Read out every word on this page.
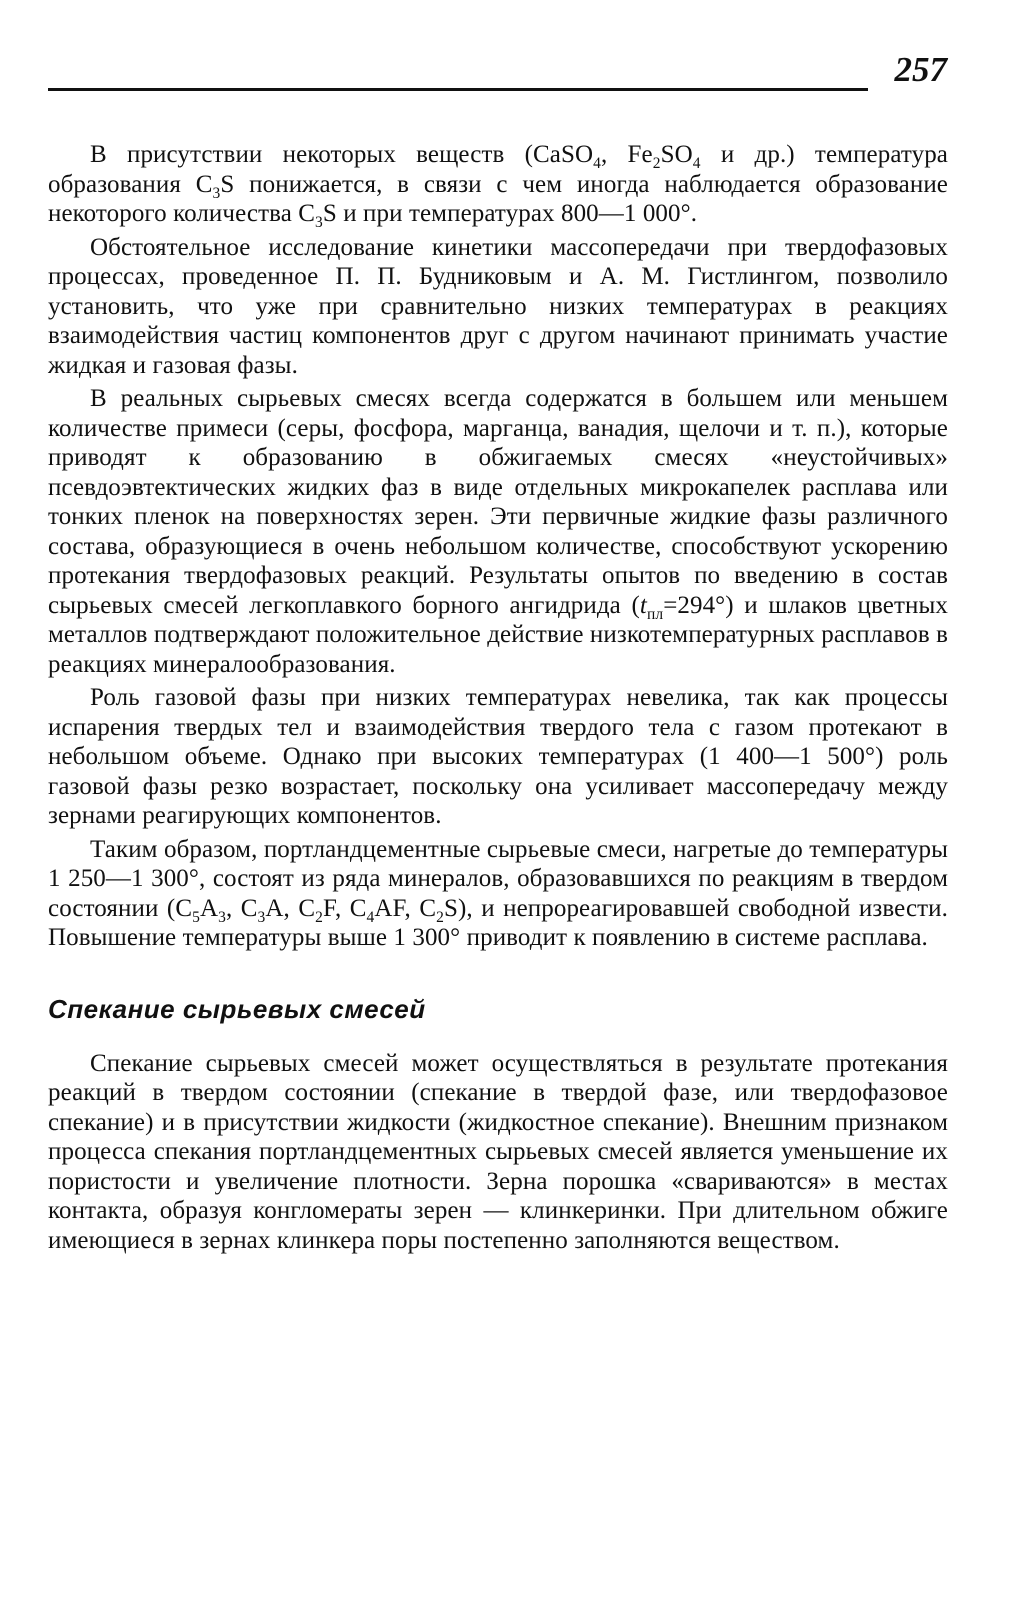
257

В присутствии некоторых веществ (CaSO$_4$, $Fe_2SO_4$ и др.) температура образования $C_3S$ понижается, в связи с чем иногда наблюдается образование некоторого количества $C_3S$ и при температурах 800—1 000°.

Обстоятельное исследование кинетики массопередачи при твердофазовых процессах, проведенное П. П. Будниковым и А. М. Гистлингом, позволило установить, что уже при сравнительно низких температурах в реакциях взаимодействия частиц компонентов друг с другом начинают принимать участие жидкая и газовая фазы.

В реальных сырьевых смесях всегда содержатся в большем или меньшем количестве примеси (серы, фосфора, марганца, ванадия, щелочи и т. п.), которые приводят к образованию в обжигаемых смесях «неустойчивых» псевдоэвтектических жидких фаз в виде отдельных микрокапелек расплава или тонких пленок на поверхностях зерен. Эти первичные жидкие фазы различного состава, образующиеся в очень небольшом количестве, способствуют ускорению протекания твердофазовых реакций. Результаты опытов по введению в состав сырьевых смесей легкоплавкого борного ангидрида $(t_{пл}=294^\circ)$ и шлаков цветных металлов подтверждают положительное действие низкотемпературных расплавов в реакциях минералообразования.

Роль газовой фазы при низких температурах невелика, так как процессы испарения твердых тел и взаимодействия твердого тела с газом протекают в небольшом объеме. Однако при высоких температурах (1 400—1 500°) роль газовой фазы резко возрастает, поскольку она усиливает массопередачу между зернами реагирующих компонентов.

Таким образом, портландцементные сырьевые смеси, нагретые до температуры 1 250—1 300°, состоят из ряда минералов, образовавшихся по реакциям в твердом состоянии ($C_5A_3$, $C_3A$, $C_2F$, $C_4AF$, $C_2S$), и непрореагировавшей свободной извести. Повышение температуры выше 1 300° приводит к появлению в системе расплава.

Спекание сырьевых смесей

Спекание сырьевых смесей может осуществляться в результате протекания реакций в твердом состоянии (спекание в твердой фазе, или твердофазовое спекание) и в присутствии жидкости (жидкостное спекание). Внешним признаком процесса спекания портландцементных сырьевых смесей является уменьшение их пористости и увеличение плотности. Зерна порошка «свариваются» в местах контакта, образуя конгломераты зерен — клинкеринки. При длительном обжиге имеющиеся в зернах клинкера поры постепенно заполняются веществом.
